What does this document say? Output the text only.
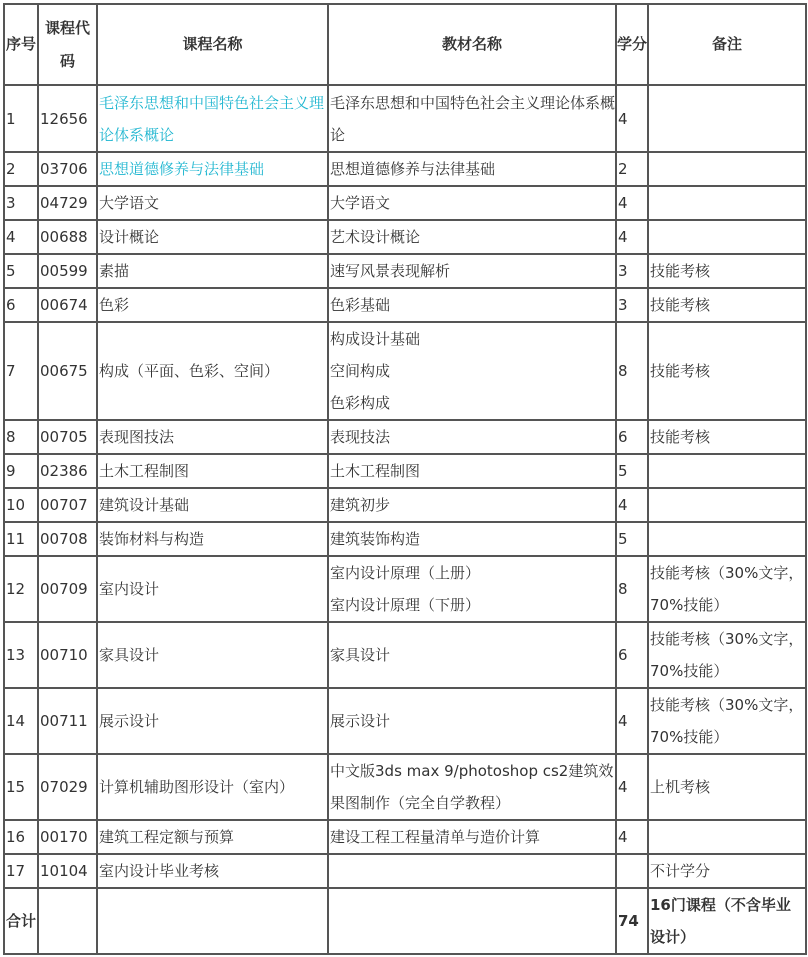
序号	课程代码	课程名称	教材名称	学分	备注
1	12656	毛泽东思想和中国特色社会主义理论体系概论	毛泽东思想和中国特色社会主义理论体系概论	4	
2	03706	思想道德修养与法律基础	思想道德修养与法律基础	2	
3	04729	大学语文	大学语文	4	
4	00688	设计概论	艺术设计概论	4	
5	00599	素描	速写风景表现解析	3	技能考核
6	00674	色彩	色彩基础	3	技能考核
7	00675	构成（平面、色彩、空间）	构成设计基础
空间构成
色彩构成	8	技能考核
8	00705	表现图技法	表现技法	6	技能考核
9	02386	土木工程制图	土木工程制图	5	
10	00707	建筑设计基础	建筑初步	4	
11	00708	装饰材料与构造	建筑装饰构造	5	
12	00709	室内设计	室内设计原理（上册）
室内设计原理（下册）	8	技能考核（30%文字，70%技能）
13	00710	家具设计	家具设计	6	技能考核（30%文字，70%技能）
14	00711	展示设计	展示设计	4	技能考核（30%文字，70%技能）
15	07029	计算机辅助图形设计（室内）	中文版3ds max 9/photoshop cs2建筑效果图制作（完全自学教程）	4	上机考核
16	00170	建筑工程定额与预算	建设工程工程量清单与造价计算	4	
17	10104	室内设计毕业考核			不计学分
合计				74	16门课程（不含毕业设计）
